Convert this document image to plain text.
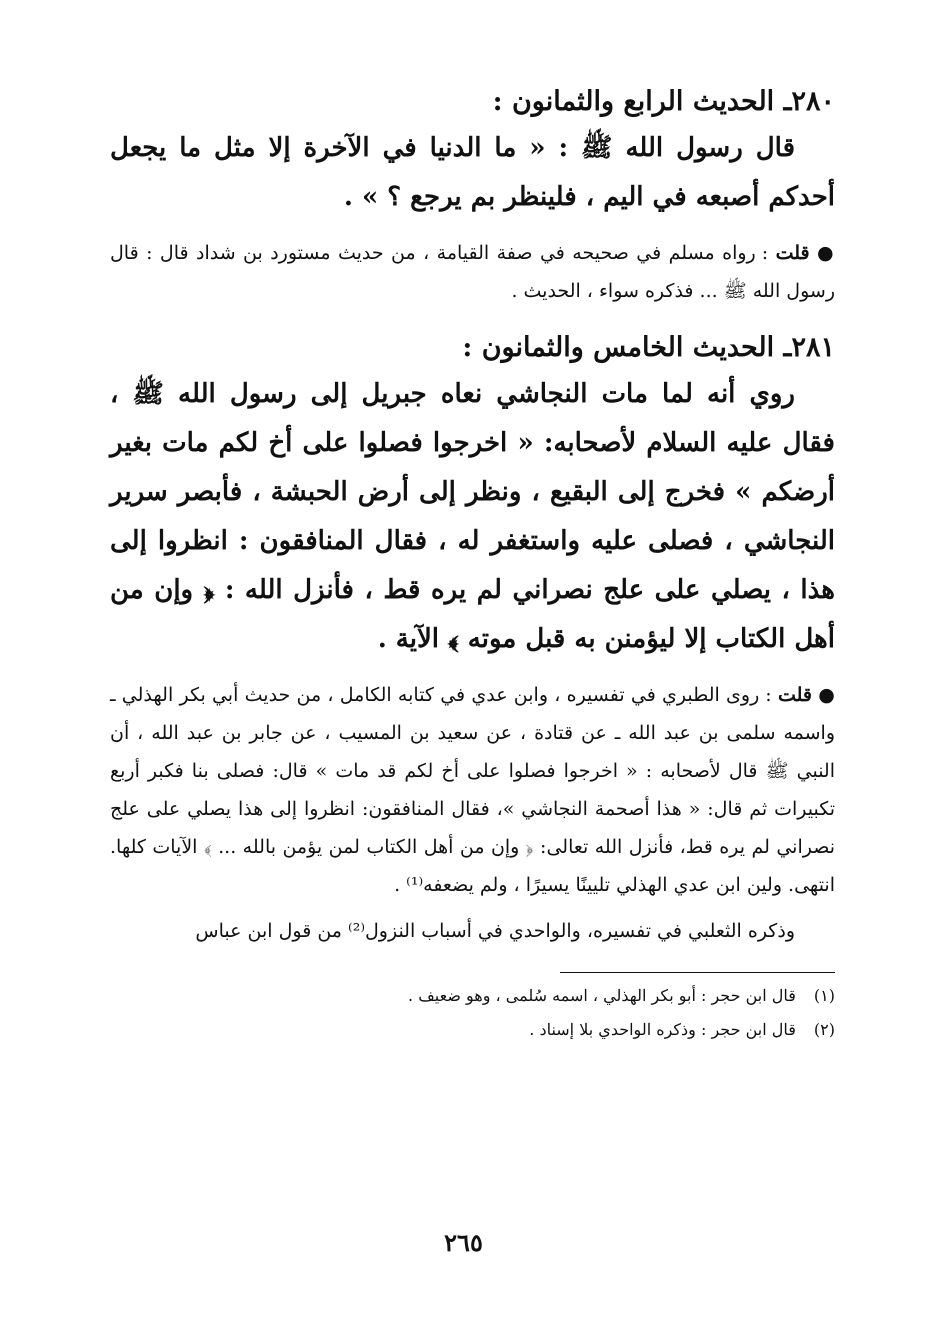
٢٨٠ـ الحديث الرابع والثمانون :

قال رسول الله ﷺ : « ما الدنيا في الآخرة إلا مثل ما يجعل أحدكم أصبعه في اليم ، فلينظر بم يرجع ؟ » .

● قلت : رواه مسلم في صحيحه في صفة القيامة ، من حديث مستورد بن شداد قال : قال رسول الله ﷺ ... فذكره سواء ، الحديث .

٢٨١ـ الحديث الخامس والثمانون :

روي أنه لما مات النجاشي نعاه جبريل إلى رسول الله ﷺ ، فقال عليه السلام لأصحابه: « اخرجوا فصلوا على أخ لكم مات بغير أرضكم » فخرج إلى البقيع ، ونظر إلى أرض الحبشة ، فأبصر سرير النجاشي ، فصلى عليه واستغفر له ، فقال المنافقون : انظروا إلى هذا ، يصلي على علج نصراني لم يره قط ، فأنزل الله : ﴿ وإن من أهل الكتاب إلا ليؤمنن به قبل موته ﴾ الآية .

● قلت : روى الطبري في تفسيره ، وابن عدي في كتابه الكامل ، من حديث أبي بكر الهذلي ـ واسمه سلمى بن عبد الله ـ عن قتادة ، عن سعيد بن المسيب ، عن جابر بن عبد الله ، أن النبي ﷺ قال لأصحابه : « اخرجوا فصلوا على أخ لكم قد مات » قال: فصلى بنا فكبر أربع تكبيرات ثم قال: « هذا أصحمة النجاشي »، فقال المنافقون: انظروا إلى هذا يصلي على علج نصراني لم يره قط، فأنزل الله تعالى: ﴿ وإن من أهل الكتاب لمن يؤمن بالله ... ﴾ الآيات كلها. انتهى. ولين ابن عدي الهذلي تليينًا يسيرًا ، ولم يضعفه⁽¹⁾ .

وذكره الثعلبي في تفسيره، والواحدي في أسباب النزول⁽²⁾ من قول ابن عباس

(١)قال ابن حجر : أبو بكر الهذلي ، اسمه سُلمى ، وهو ضعيف .

(٢)قال ابن حجر : وذكره الواحدي بلا إسناد .

٢٦٥
